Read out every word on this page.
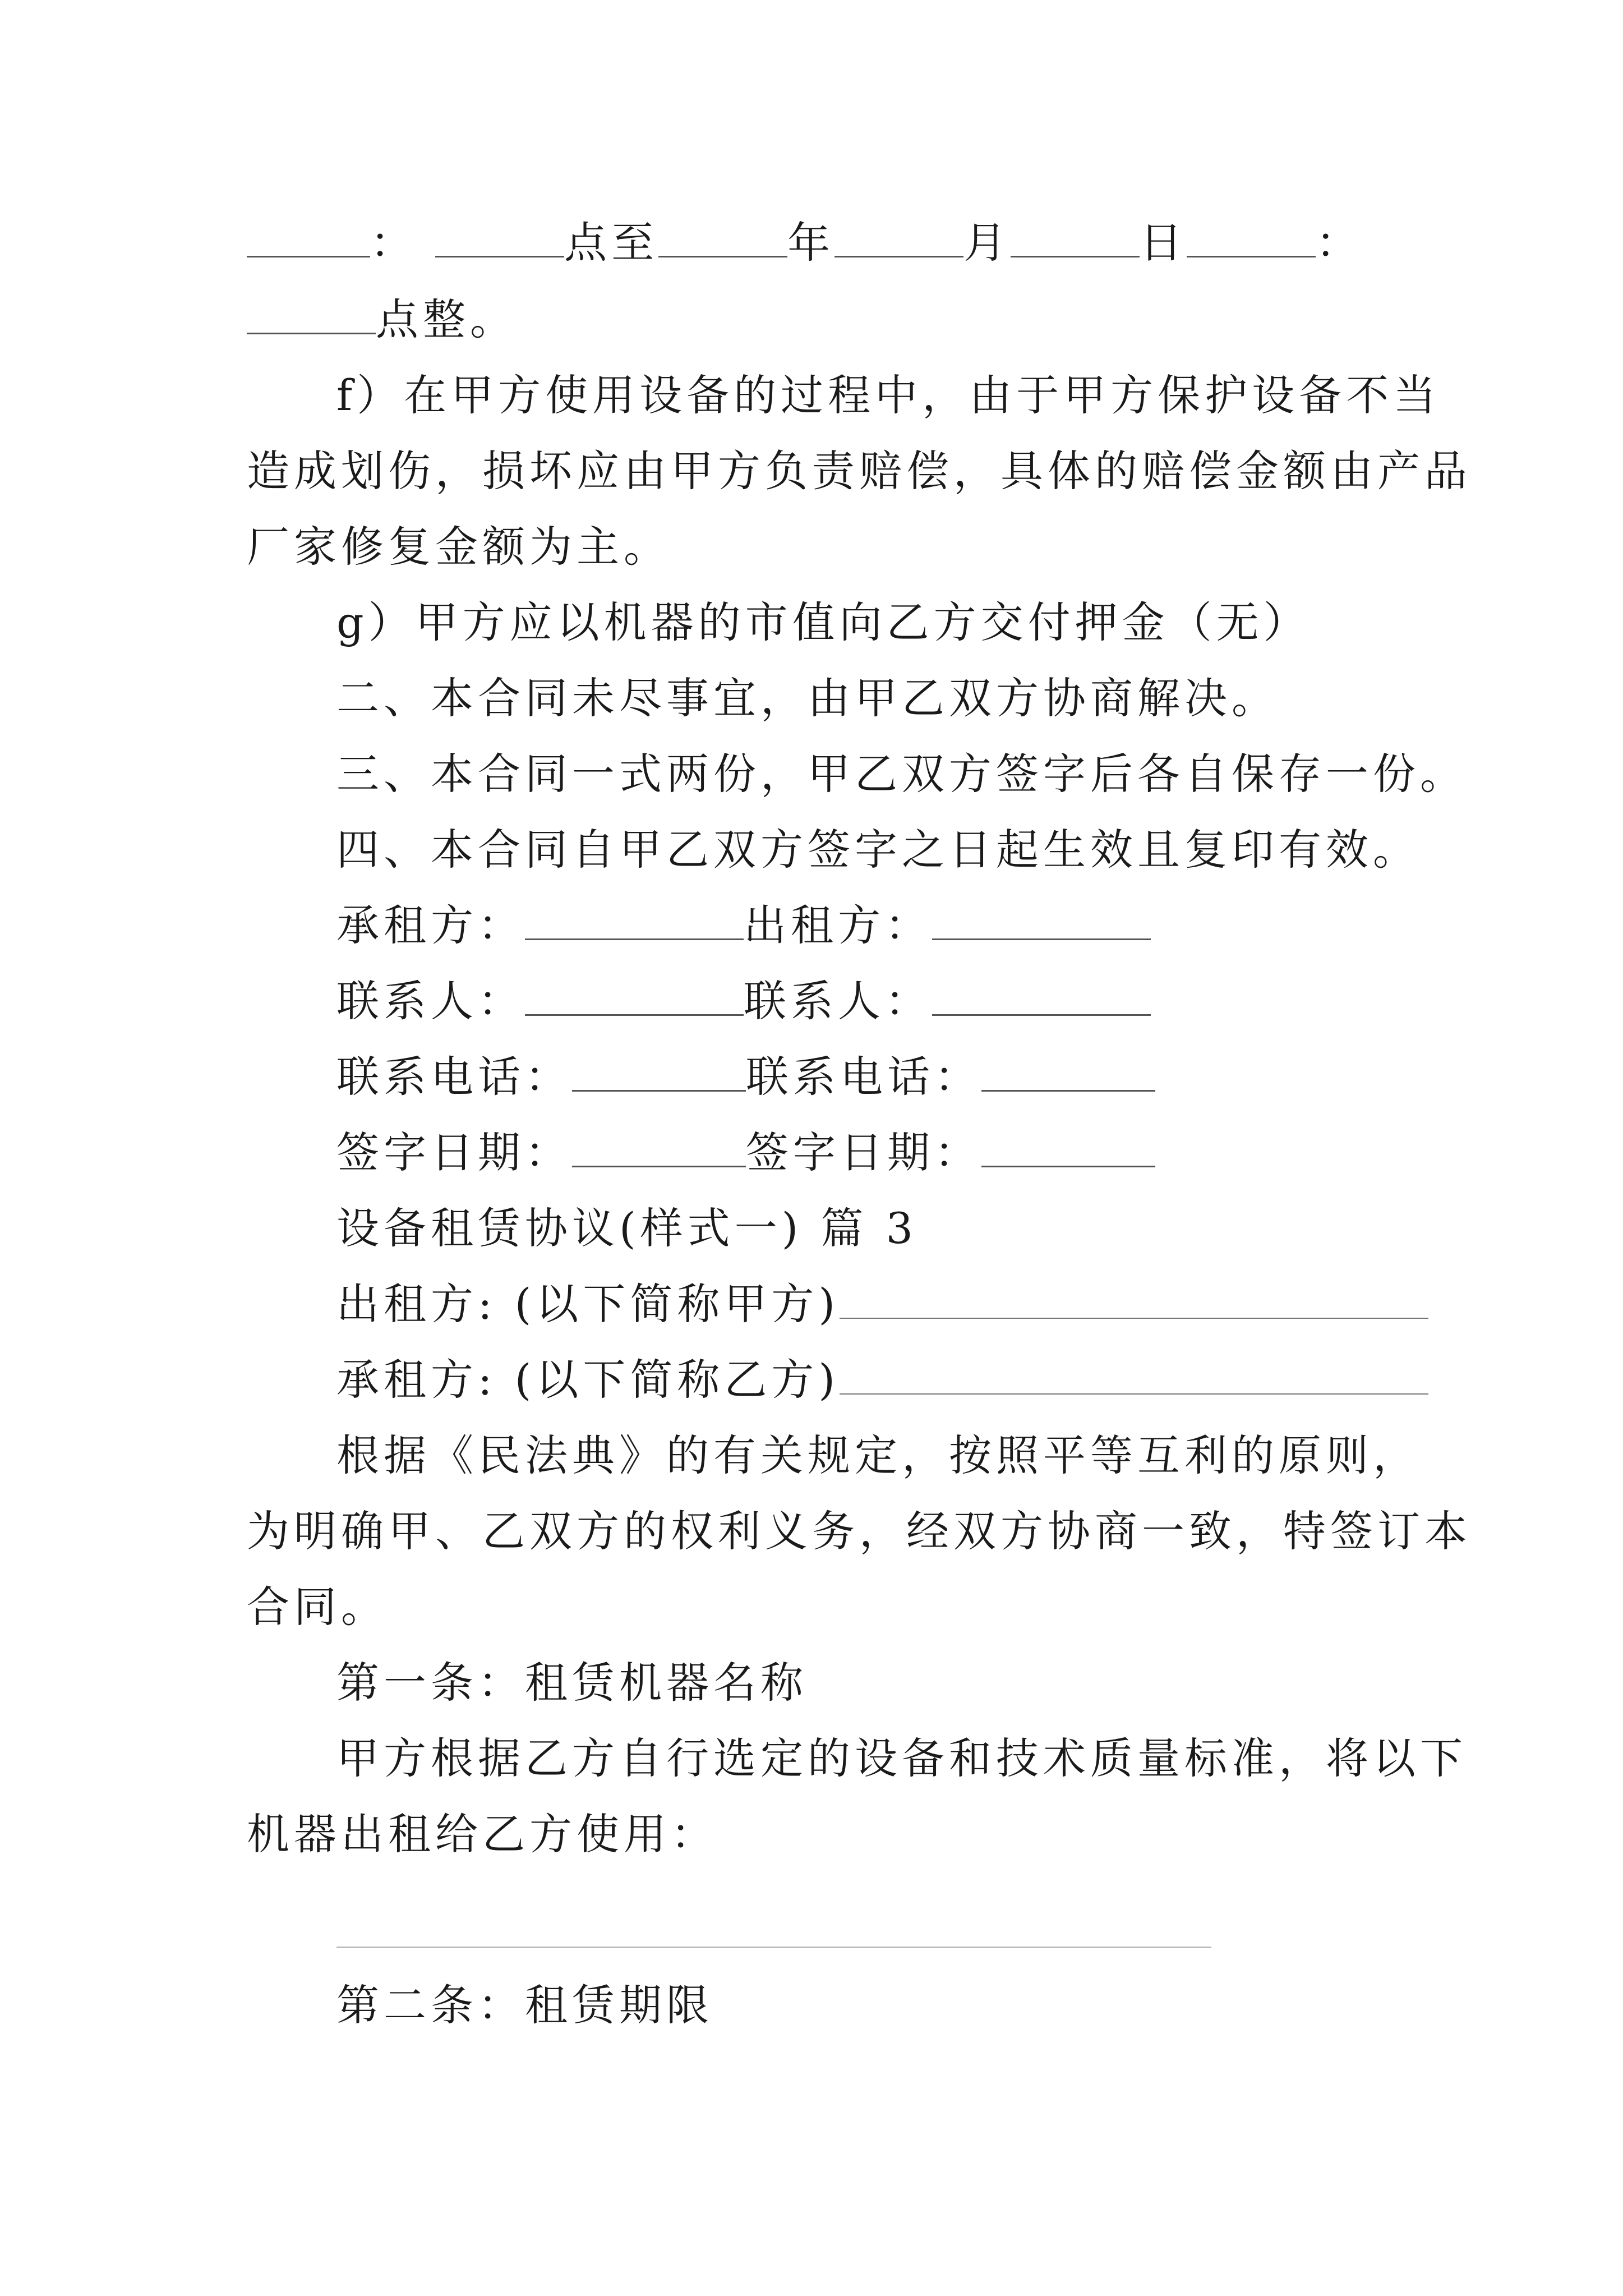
：	点至	年	月	日	：
点整。
f）在甲方使用设备的过程中，由于甲方保护设备不当
造成划伤，损坏应由甲方负责赔偿，具体的赔偿金额由产品
厂家修复金额为主。
g）甲方应以机器的市值向乙方交付押金（无）
二、本合同未尽事宜，由甲乙双方协商解决。
三、本合同一式两份，甲乙双方签字后各自保存一份。
四、本合同自甲乙双方签字之日起生效且复印有效。
承租方：	出租方：
联系人：	联系人：
联系电话：	联系电话：
签字日期：	签字日期：
设备租赁协议(样式一) 篇 3
出租方: (以下简称甲方)
承租方: (以下简称乙方)
根据《民法典》的有关规定，按照平等互利的原则，
为明确甲、乙双方的权利义务，经双方协商一致，特签订本
合同。
第一条：租赁机器名称
甲方根据乙方自行选定的设备和技术质量标准，将以下
机器出租给乙方使用：
第二条：租赁期限
